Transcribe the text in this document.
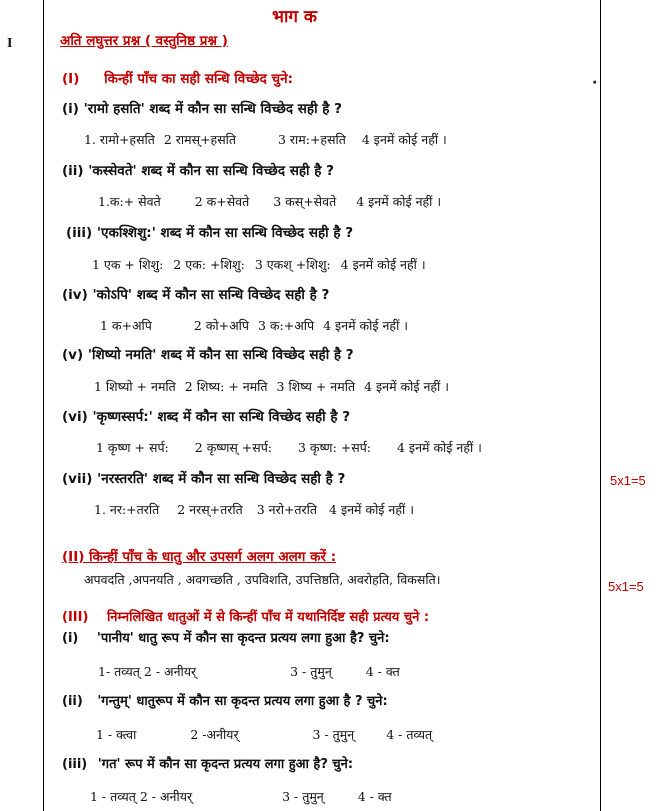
I
भाग क
अति लघुत्तर प्रश्न ( वस्तुनिष्ठ प्रश्न )
·
(I) किन्हीं पाँच का सही सन्धि विच्छेद चुने:
(i) 'रामो हसति' शब्द में कौन सा सन्धि विच्छेद सही है ?
1. रामो+हसति 2 रामस्+हसति	3 राम:+हसति 4 इनमें कोई नहीं ।
(ii) 'कस्सेवते' शब्द में कौन सा सन्धि विच्छेद सही है ?
1.क:+ सेवते	2 क+सेवते 3 कस्+सेवते 4 इनमें कोई नहीं ।
(iii) 'एकश्शिशु:' शब्द में कौन सा सन्धि विच्छेद सही है ?
1 एक + शिशु: 2 एक: +शिशु: 3 एकश् +शिशु: 4 इनमें कोई नहीं ।
(iv) 'कोऽपि' शब्द में कौन सा सन्धि विच्छेद सही है ?
1 क+अपि	2 को+अपि 3 क:+अपि 4 इनमें कोई नहीं ।
(v) 'शिष्यो नमति' शब्द में कौन सा सन्धि विच्छेद सही है ?
1 शिष्यो + नमति 2 शिष्य: + नमति 3 शिष्य + नमति 4 इनमें कोई नहीं ।
(vi) 'कृष्णस्सर्प:' शब्द में कौन सा सन्धि विच्छेद सही है ?
1 कृष्ण + सर्प: 2 कृष्णस् +सर्प: 3 कृष्ण: +सर्प: 4 इनमें कोई नहीं ।
(vii) 'नरस्तरति' शब्द में कौन सा सन्धि विच्छेद सही है ?	5x1=5
1. नर:+तरति 2 नरस्+तरति 3 नरो+तरति 4 इनमें कोई नहीं ।
(II) किन्हीं पाँच के धातु और उपसर्ग अलग अलग करें :
अपवदति ,अपनयति , अवगच्छति , उपविशति, उपत्तिष्ठति, अवरोहति, विकसति।	5x1=5
(III) निम्नलिखित धातुओं में से किन्हीं पाँच में यथानिर्दिष्ट सही प्रत्यय चुने :
(i) 'पानीय' धातु रूप में कौन सा कृदन्त प्रत्यय लगा हुआ है? चुने:
1- तव्यत् 2 - अनीयर्	3 - तुमुन्	4 - क्त
(ii) 'गन्तुम्' धातुरूप में कौन सा कृदन्त प्रत्यय लगा हुआ है ? चुने:
1 - क्त्वा	2 -अनीयर्	3 - तुमुन्	4 - तव्यत्
(iii) 'गत' रूप में कौन सा कृदन्त प्रत्यय लगा हुआ है? चुने:
1 - तव्यत् 2 - अनीयर्	3 - तुमुन्	4 - क्त
